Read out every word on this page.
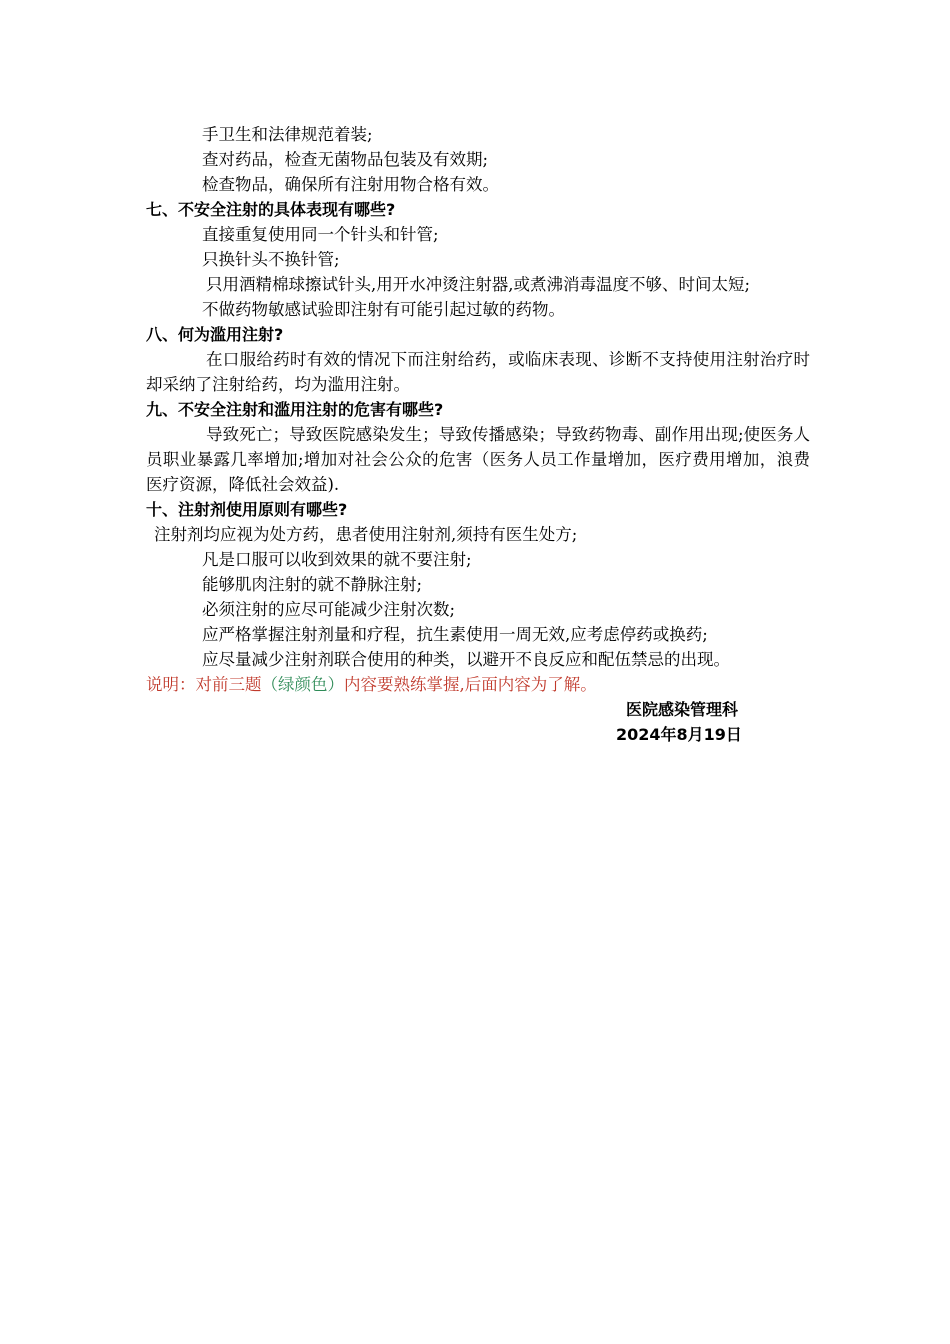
手卫生和法律规范着装;
查对药品，检查无菌物品包装及有效期;
检查物品，确保所有注射用物合格有效。
七、不安全注射的具体表现有哪些?
直接重复使用同一个针头和针管;
只换针头不换针管;
只用酒精棉球擦试针头,用开水冲烫注射器,或煮沸消毒温度不够、时间太短;
不做药物敏感试验即注射有可能引起过敏的药物。
八、何为滥用注射?
在口服给药时有效的情况下而注射给药，或临床表现、诊断不支持使用注射治疗时却采纳了注射给药，均为滥用注射。
九、不安全注射和滥用注射的危害有哪些?
导致死亡；导致医院感染发生；导致传播感染；导致药物毒、副作用出现;使医务人员职业暴露几率增加;增加对社会公众的危害（医务人员工作量增加，医疗费用增加，浪费医疗资源，降低社会效益).
十、注射剂使用原则有哪些?
注射剂均应视为处方药，患者使用注射剂,须持有医生处方;
凡是口服可以收到效果的就不要注射;
能够肌肉注射的就不静脉注射;
必须注射的应尽可能减少注射次数;
应严格掌握注射剂量和疗程，抗生素使用一周无效,应考虑停药或换药;
应尽量减少注射剂联合使用的种类，以避开不良反应和配伍禁忌的出现。
说明：对前三题（绿颜色）内容要熟练掌握,后面内容为了解。
医院感染管理科
2024年8月19日
